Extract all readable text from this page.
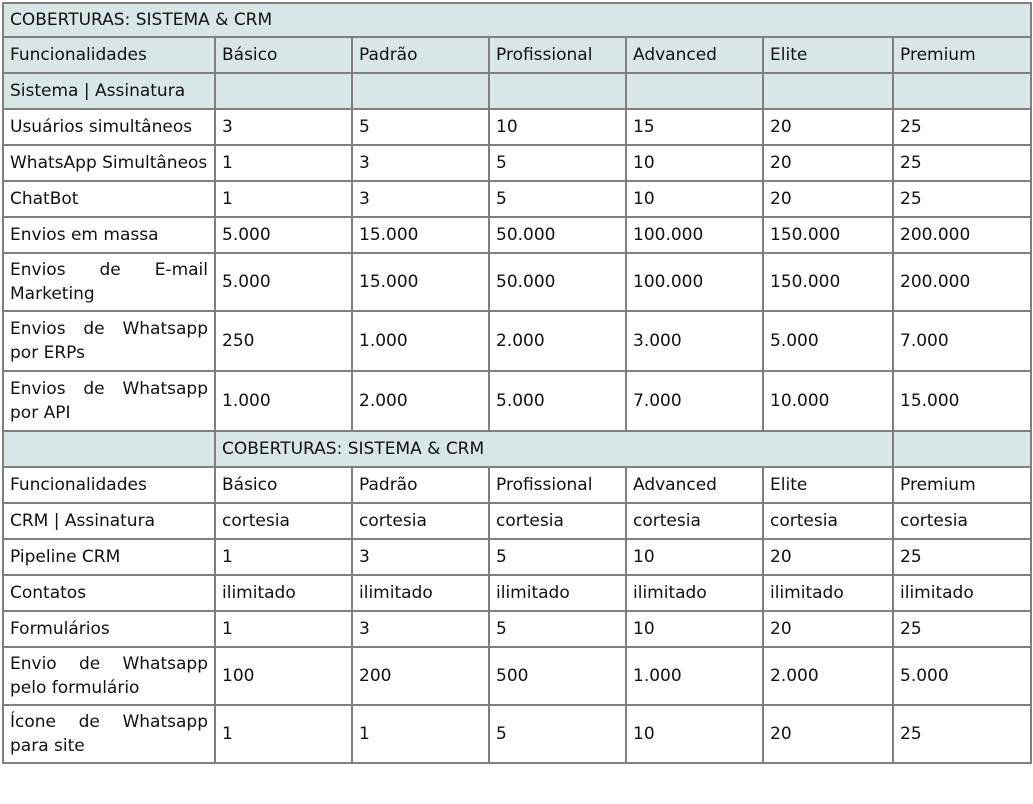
COBERTURAS: SISTEMA & CRM						
Funcionalidades	Básico	Padrão	Profissional	Advanced	Elite	Premium
Sistema | Assinatura						
Usuários simultâneos	3	5	10	15	20	25
WhatsApp Simultâneos	1	3	5	10	20	25
ChatBot	1	3	5	10	20	25
Envios em massa	5.000	15.000	50.000	100.000	150.000	200.000
Envios de E-mail Marketing	5.000	15.000	50.000	100.000	150.000	200.000
Envios de Whatsapp por ERPs	250	1.000	2.000	3.000	5.000	7.000
Envios de Whatsapp por API	1.000	2.000	5.000	7.000	10.000	15.000
	COBERTURAS: SISTEMA & CRM					
Funcionalidades	Básico	Padrão	Profissional	Advanced	Elite	Premium
CRM | Assinatura	cortesia	cortesia	cortesia	cortesia	cortesia	cortesia
Pipeline CRM	1	3	5	10	20	25
Contatos	ilimitado	ilimitado	ilimitado	ilimitado	ilimitado	ilimitado
Formulários	1	3	5	10	20	25
Envio de Whatsapp pelo formulário	100	200	500	1.000	2.000	5.000
Ícone de Whatsapp para site	1	1	5	10	20	25
